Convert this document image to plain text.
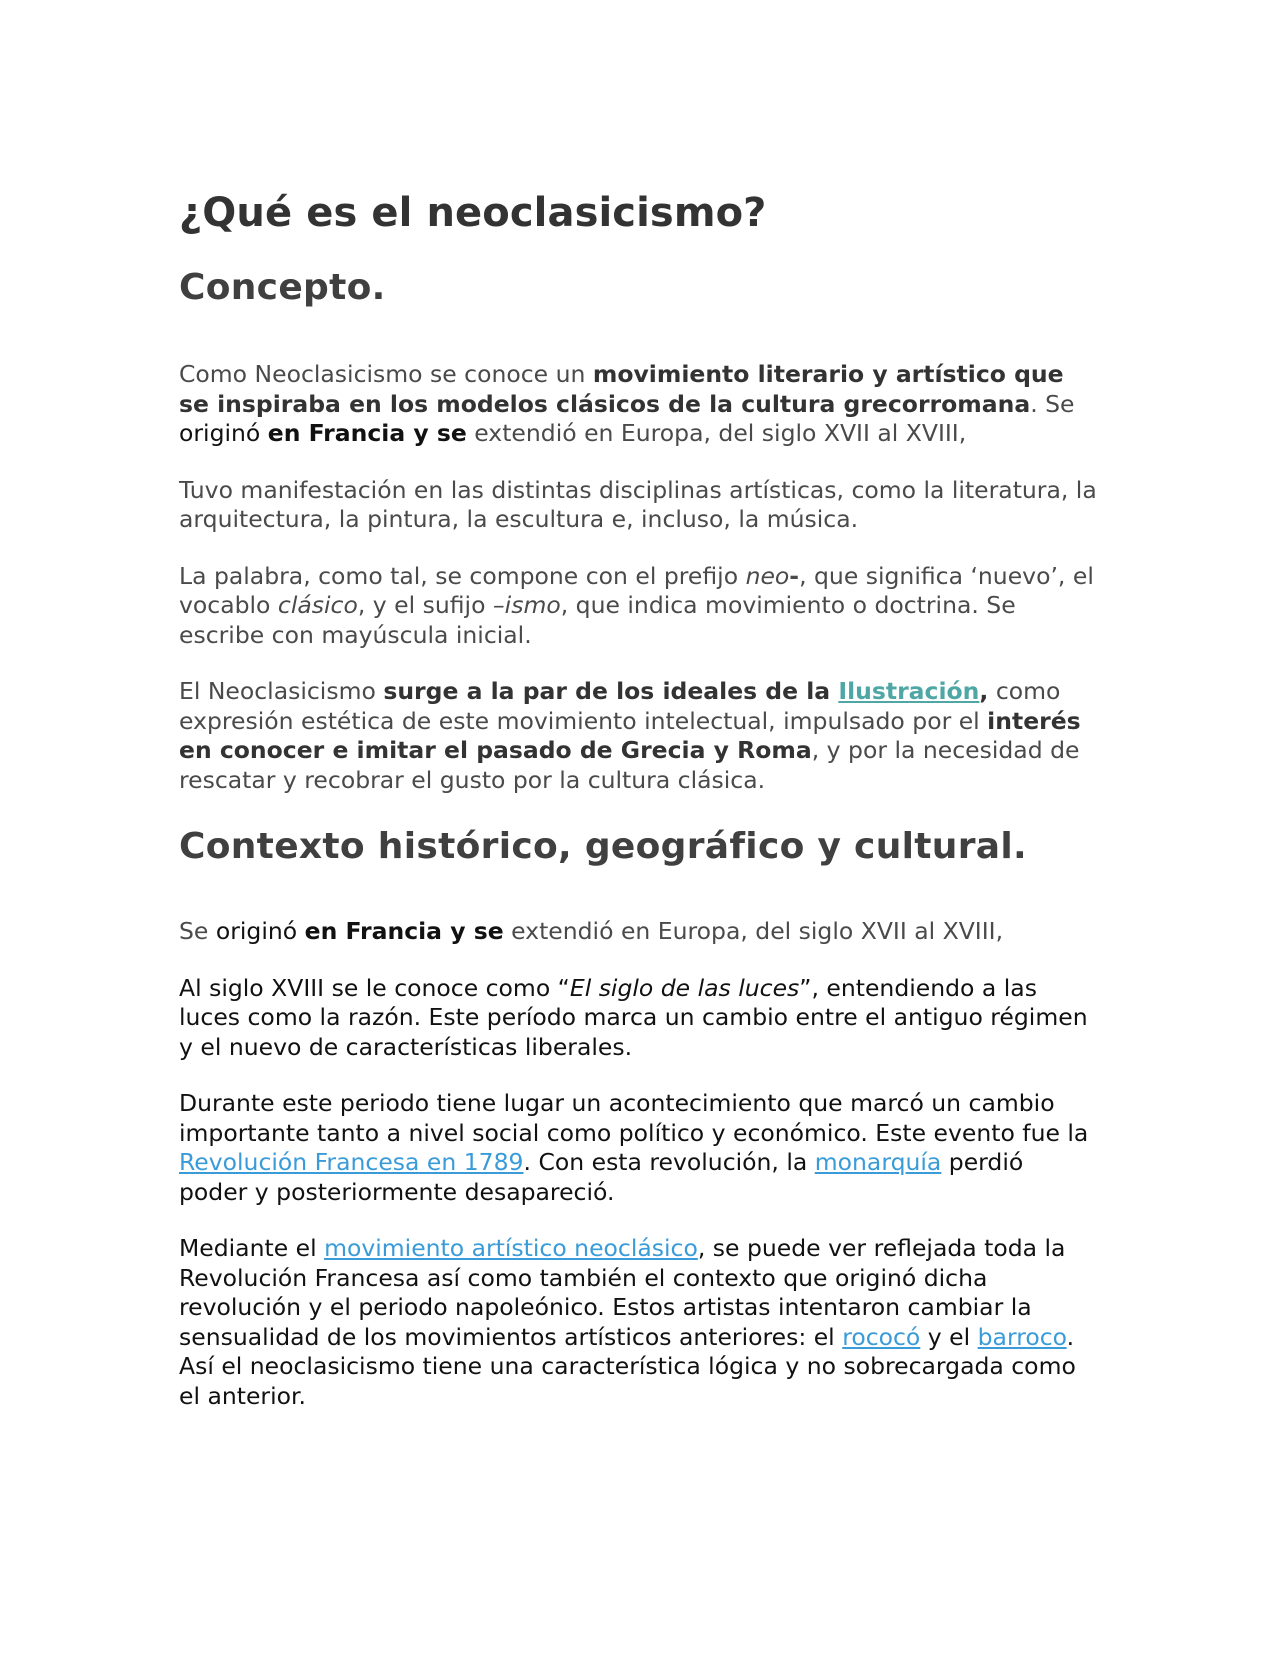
¿Qué es el neoclasicismo?
Concepto.

Como Neoclasicismo se conoce un movimiento literario y artístico que se inspiraba en los modelos clásicos de la cultura grecorromana. Se originó en Francia y se extendió en Europa, del siglo XVII al XVIII,

Tuvo manifestación en las distintas disciplinas artísticas, como la literatura, la arquitectura, la pintura, la escultura e, incluso, la música.

La palabra, como tal, se compone con el prefijo neo-, que significa ‘nuevo’, el vocablo clásico, y el sufijo –ismo, que indica movimiento o doctrina. Se escribe con mayúscula inicial.

El Neoclasicismo surge a la par de los ideales de la Ilustración, como expresión estética de este movimiento intelectual, impulsado por el interés en conocer e imitar el pasado de Grecia y Roma, y por la necesidad de rescatar y recobrar el gusto por la cultura clásica.

Contexto histórico, geográfico y cultural.

Se originó en Francia y se extendió en Europa, del siglo XVII al XVIII,

Al siglo XVIII se le conoce como “El siglo de las luces”, entendiendo a las luces como la razón. Este período marca un cambio entre el antiguo régimen y el nuevo de características liberales.

Durante este periodo tiene lugar un acontecimiento que marcó un cambio importante tanto a nivel social como político y económico. Este evento fue la Revolución Francesa en 1789. Con esta revolución, la monarquía perdió poder y posteriormente desapareció.

Mediante el movimiento artístico neoclásico, se puede ver reflejada toda la Revolución Francesa así como también el contexto que originó dicha revolución y el periodo napoleónico. Estos artistas intentaron cambiar la sensualidad de los movimientos artísticos anteriores: el rococó y el barroco. Así el neoclasicismo tiene una característica lógica y no sobrecargada como el anterior.
